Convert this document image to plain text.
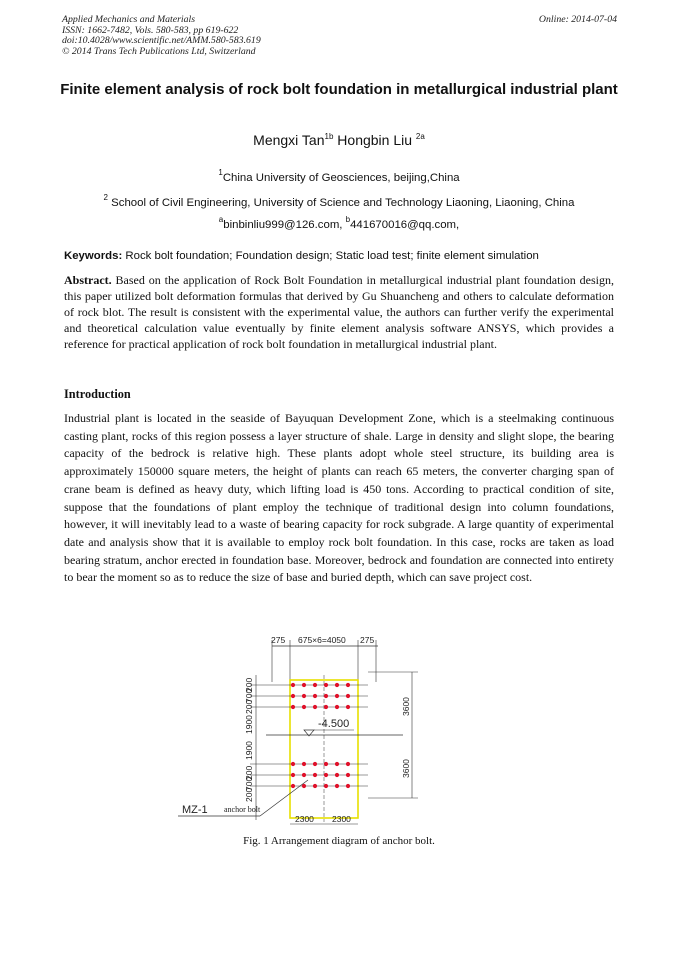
Applied Mechanics and Materials
ISSN: 1662-7482, Vols. 580-583, pp 619-622
doi:10.4028/www.scientific.net/AMM.580-583.619
© 2014 Trans Tech Publications Ltd, Switzerland
Online: 2014-07-04
Finite element analysis of rock bolt foundation in metallurgical industrial plant
Mengxi Tan$^{1b}$ Hongbin Liu $^{2a}$
$^1$China University of Geosciences, beijing,China
$^2$ School of Civil Engineering, University of Science and Technology Liaoning, Liaoning, China
$^a$binbinliu999@126.com, $^b$441670016@qq.com,
Keywords: Rock bolt foundation; Foundation design; Static load test; finite element simulation
Abstract. Based on the application of Rock Bolt Foundation in metallurgical industrial plant foundation design, this paper utilized bolt deformation formulas that derived by Gu Shuancheng and others to calculate deformation of rock blot. The result is consistent with the experimental value, the authors can further verify the experimental and theoretical calculation value eventually by finite element analysis software ANSYS, which provides a reference for practical application of rock bolt foundation in metallurgical industrial plant.
Introduction
Industrial plant is located in the seaside of Bayuquan Development Zone, which is a steelmaking continuous casting plant, rocks of this region possess a layer structure of shale. Large in density and slight slope, the bearing capacity of the bedrock is relative high. These plants adopt whole steel structure, its building area is approximately 150000 square meters, the height of plants can reach 65 meters, the converter charging span of crane beam is defined as heavy duty, which lifting load is 450 tons. According to practical condition of site, suppose that the foundations of plant employ the technique of traditional design into column foundations, however, it will inevitably lead to a waste of bearing capacity for rock subgrade. A large quantity of experimental date and analysis show that it is available to employ rock bolt foundation. In this case, rocks are taken as load bearing stratum, anchor erected in foundation base. Moreover, bedrock and foundation are connected into entirety to bear the moment so as to reduce the size of base and buried depth, which can save project cost.
275 675×6=4050 275
200
700
200
1900
1900
200
700
200
3600
3600
-4.500
2300 2300
MZ-1 anchor bolt
Fig. 1 Arrangement diagram of anchor bolt.
